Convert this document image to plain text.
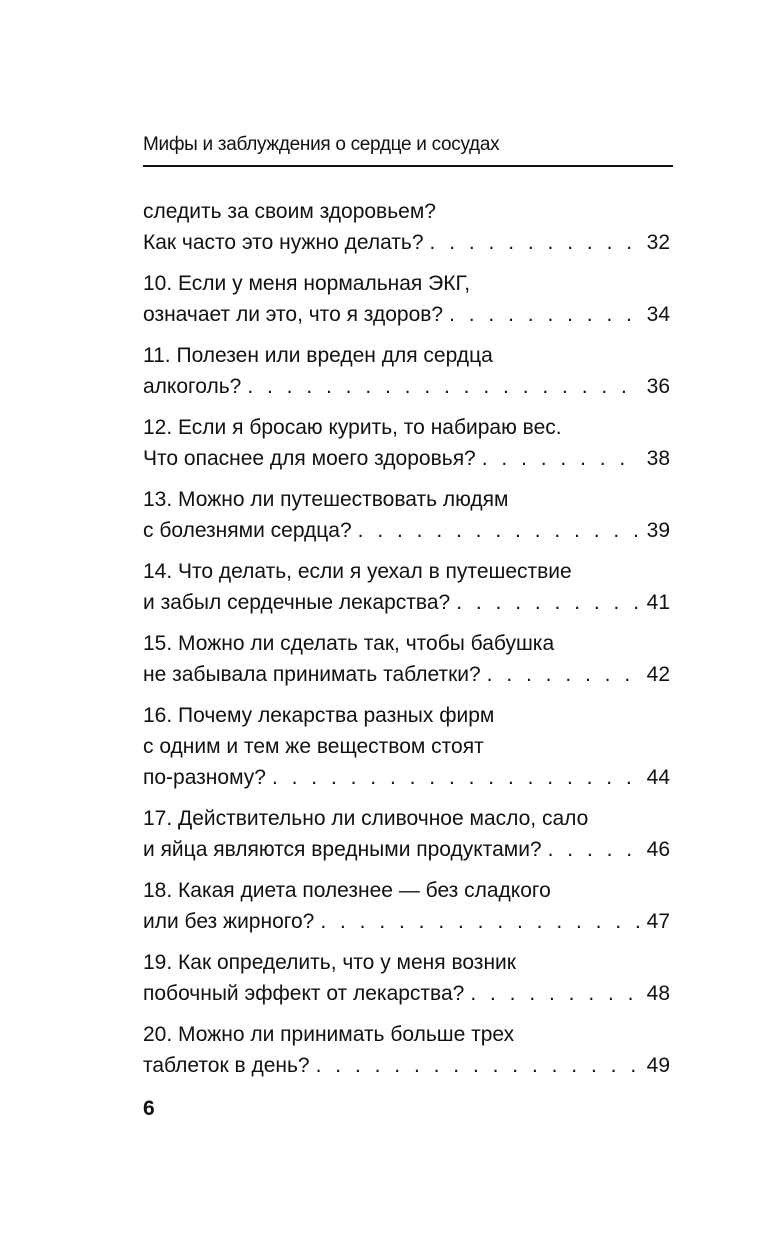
Мифы и заблуждения о сердце и сосудах
следить за своим здоровьем?
Как часто это нужно делать? . . .	32
10. Если у меня нормальная ЭКГ,
означает ли это, что я здоров? . . .	34
11. Полезен или вреден для сердца
алкоголь? . . .	36
12. Если я бросаю курить, то набираю вес.
Что опаснее для моего здоровья? . . .	38
13. Можно ли путешествовать людям
с болезнями сердца? . . .	39
14. Что делать, если я уехал в путешествие
и забыл сердечные лекарства? . . .	41
15. Можно ли сделать так, чтобы бабушка
не забывала принимать таблетки? . . .	42
16. Почему лекарства разных фирм
с одним и тем же веществом стоят
по-разному? . . .	44
17. Действительно ли сливочное масло, сало
и яйца являются вредными продуктами? . . .	46
18. Какая диета полезнее — без сладкого
или без жирного? . . .	47
19. Как определить, что у меня возник
побочный эффект от лекарства? . . .	48
20. Можно ли принимать больше трех
таблеток в день? . . .	49
6
